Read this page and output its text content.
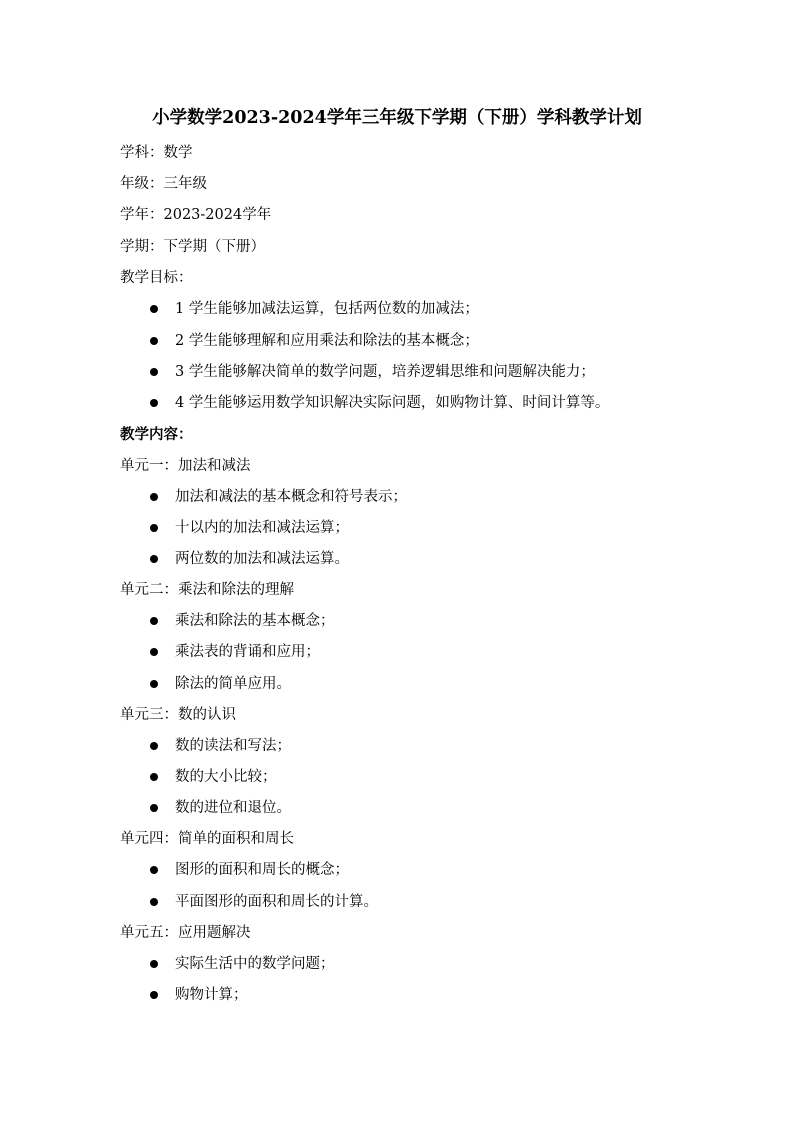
小学数学2023-2024学年三年级下学期（下册）学科教学计划
学科：数学
年级：三年级
学年：2023-2024学年
学期：下学期（下册）
教学目标：
1 学生能够加减法运算，包括两位数的加减法；
2 学生能够理解和应用乘法和除法的基本概念；
3 学生能够解决简单的数学问题，培养逻辑思维和问题解决能力；
4 学生能够运用数学知识解决实际问题，如购物计算、时间计算等。
教学内容：
单元一：加法和减法
加法和减法的基本概念和符号表示；
十以内的加法和减法运算；
两位数的加法和减法运算。
单元二：乘法和除法的理解
乘法和除法的基本概念；
乘法表的背诵和应用；
除法的简单应用。
单元三：数的认识
数的读法和写法；
数的大小比较；
数的进位和退位。
单元四：简单的面积和周长
图形的面积和周长的概念；
平面图形的面积和周长的计算。
单元五：应用题解决
实际生活中的数学问题；
购物计算；
